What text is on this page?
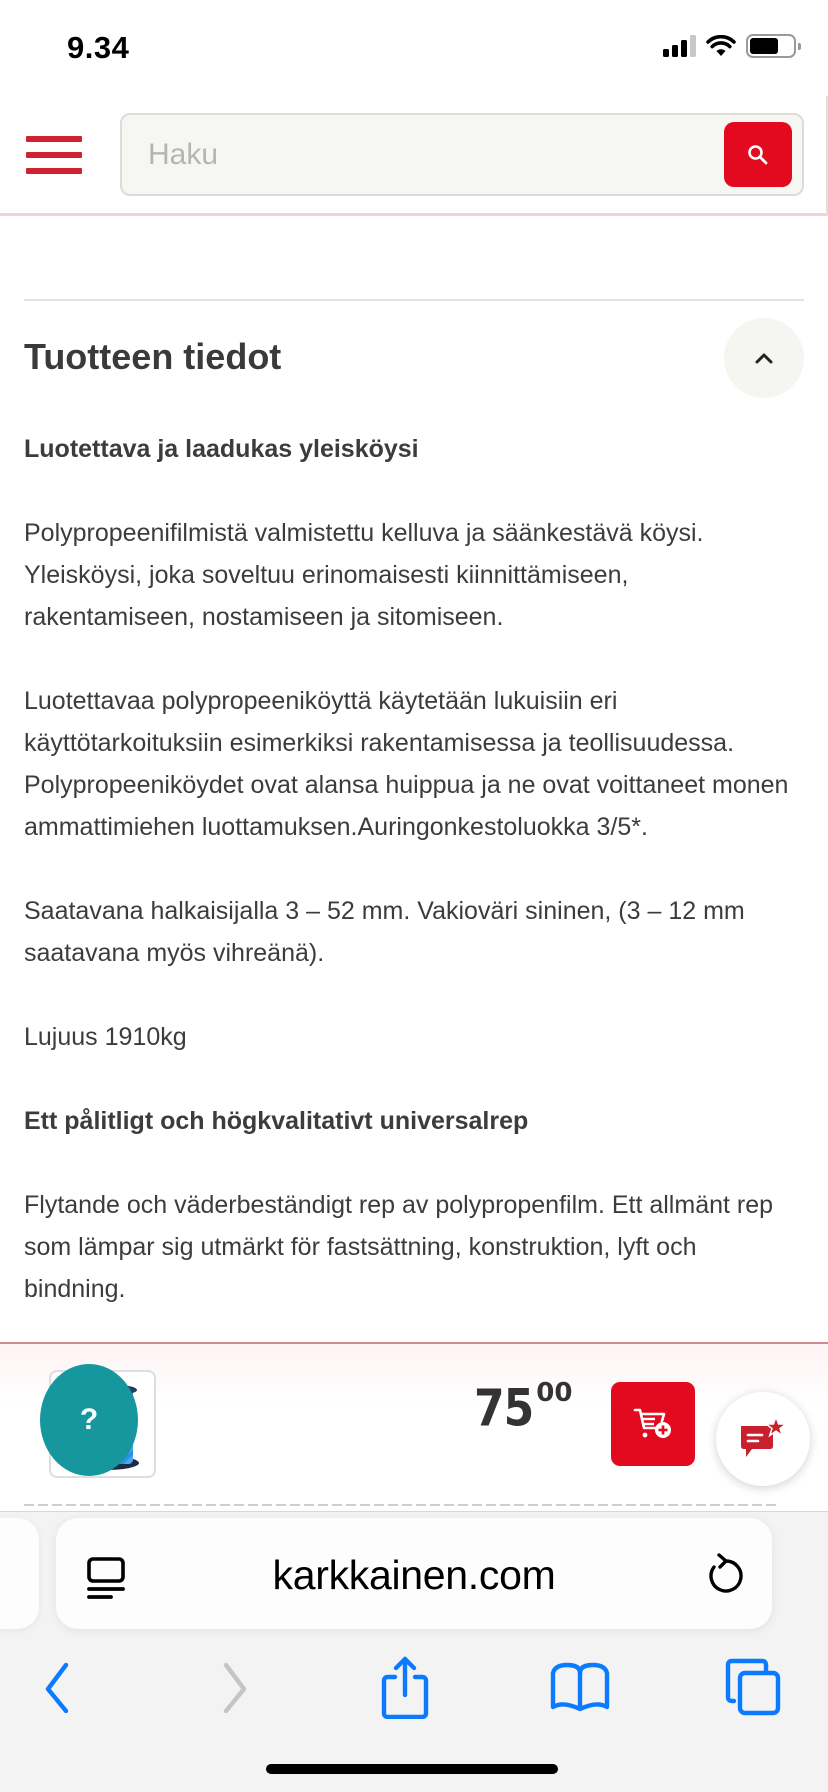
9.34
Haku
Tuotteen tiedot

Luotettava ja laadukas yleisköysi

Polypropeenifilmistä valmistettu kelluva ja säänkestävä köysi. Yleisköysi, joka soveltuu erinomaisesti kiinnittämiseen, rakentamiseen, nostamiseen ja sitomiseen.

Luotettavaa polypropeeniköyttä käytetään lukuisiin eri käyttötarkoituksiin esimerkiksi rakentamisessa ja teollisuudessa. Polypropeeniköydet ovat alansa huippua ja ne ovat voittaneet monen ammattimiehen luottamuksen.Auringonkestoluokka 3/5*.

Saatavana halkaisijalla 3 – 52 mm. Vakioväri sininen, (3 – 12 mm saatavana myös vihreänä).

Lujuus 1910kg

Ett pålitligt och högkvalitativt universalrep

Flytande och väderbeständigt rep av polypropenfilm. Ett allmänt rep som lämpar sig utmärkt för fastsättning, konstruktion, lyft och bindning.

?	75 00
karkkainen.com
